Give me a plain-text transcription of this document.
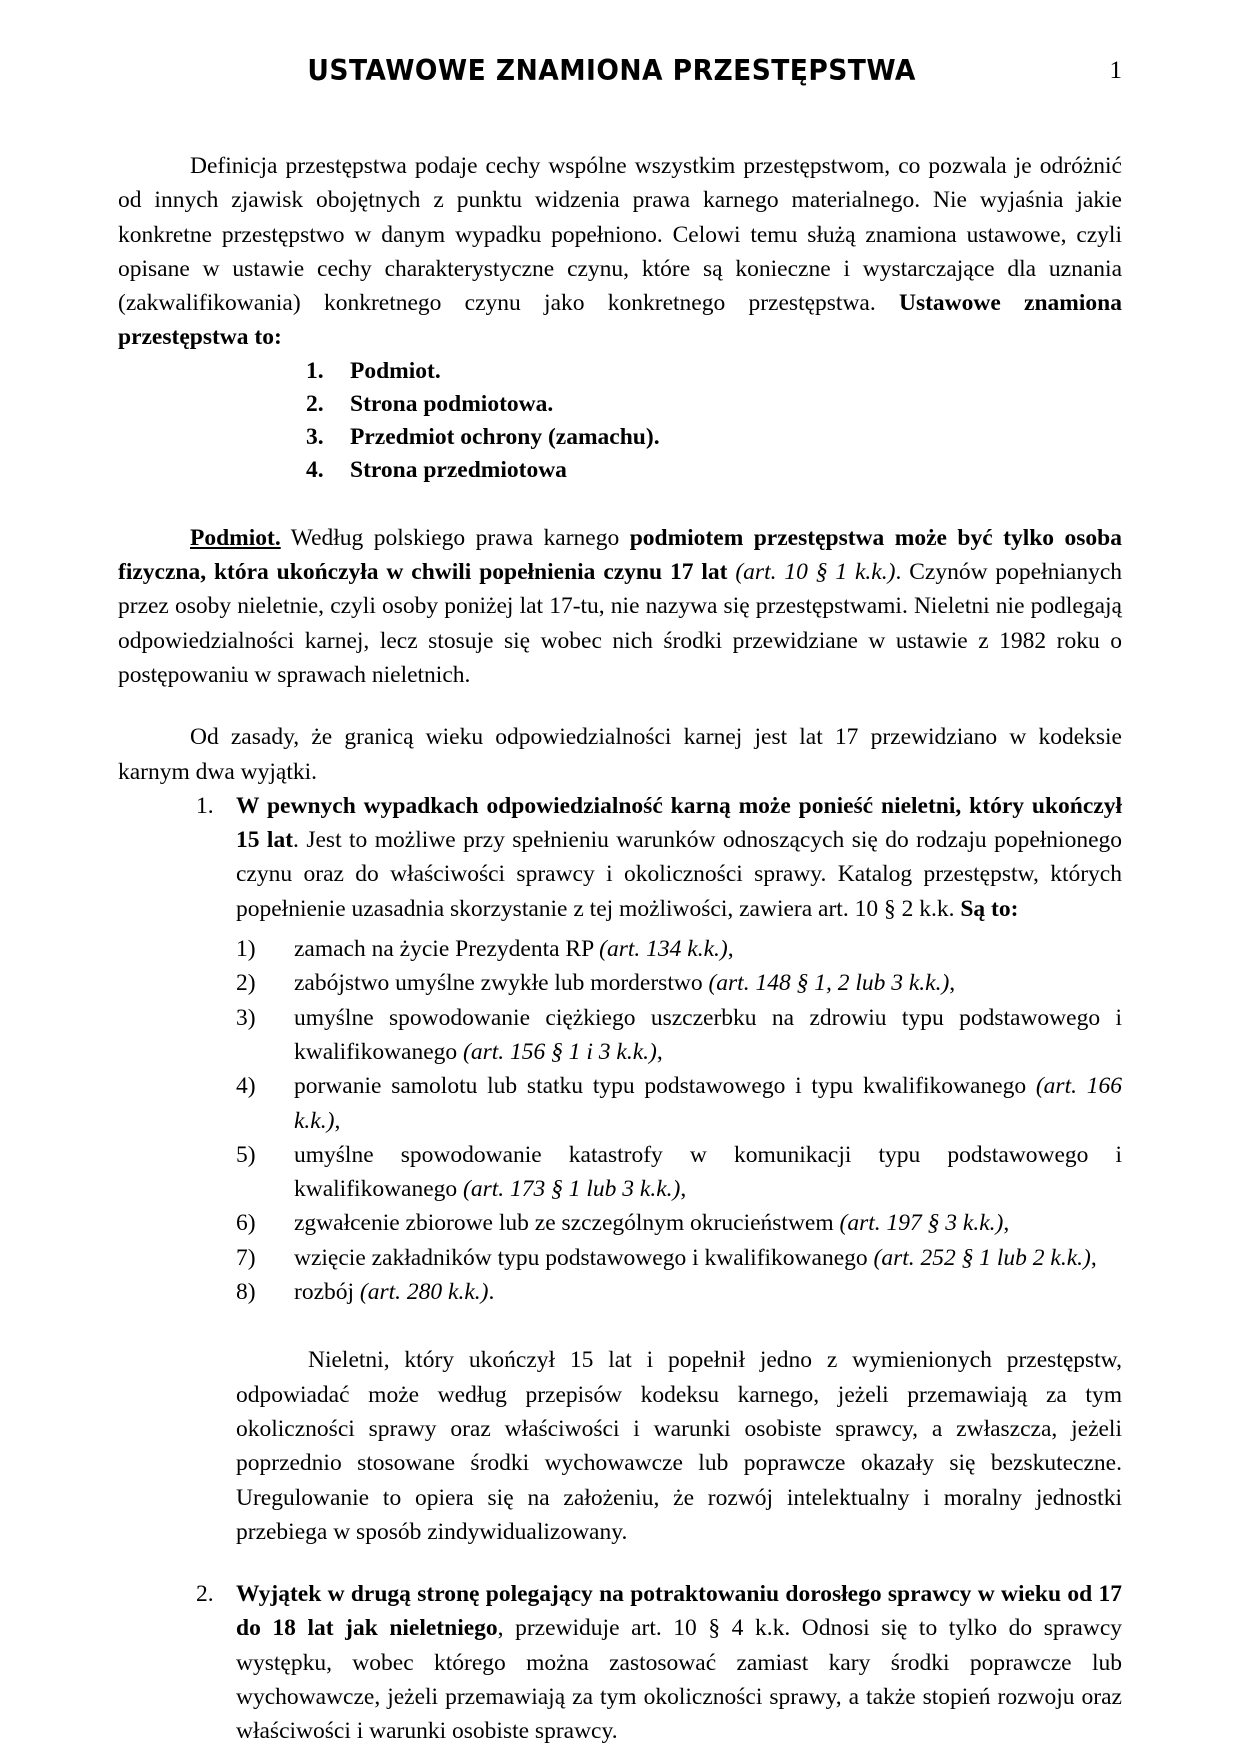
USTAWOWE ZNAMIONA PRZESTĘPSTWA	1

Definicja przestępstwa podaje cechy wspólne wszystkim przestępstwom, co pozwala je odróżnić od innych zjawisk obojętnych z punktu widzenia prawa karnego materialnego. Nie wyjaśnia jakie konkretne przestępstwo w danym wypadku popełniono. Celowi temu służą znamiona ustawowe, czyli opisane w ustawie cechy charakterystyczne czynu, które są konieczne i wystarczające dla uznania (zakwalifikowania) konkretnego czynu jako konkretnego przestępstwa. Ustawowe znamiona przestępstwa to:

1. Podmiot.
2. Strona podmiotowa.
3. Przedmiot ochrony (zamachu).
4. Strona przedmiotowa

Podmiot. Według polskiego prawa karnego podmiotem przestępstwa może być tylko osoba fizyczna, która ukończyła w chwili popełnienia czynu 17 lat (art. 10 § 1 k.k.). Czynów popełnianych przez osoby nieletnie, czyli osoby poniżej lat 17-tu, nie nazywa się przestępstwami. Nieletni nie podlegają odpowiedzialności karnej, lecz stosuje się wobec nich środki przewidziane w ustawie z 1982 roku o postępowaniu w sprawach nieletnich.

Od zasady, że granicą wieku odpowiedzialności karnej jest lat 17 przewidziano w kodeksie karnym dwa wyjątki.

1. W pewnych wypadkach odpowiedzialność karną może ponieść nieletni, który ukończył 15 lat. Jest to możliwe przy spełnieniu warunków odnoszących się do rodzaju popełnionego czynu oraz do właściwości sprawcy i okoliczności sprawy. Katalog przestępstw, których popełnienie uzasadnia skorzystanie z tej możliwości, zawiera art. 10 § 2 k.k. Są to:
1) zamach na życie Prezydenta RP (art. 134 k.k.),
2) zabójstwo umyślne zwykłe lub morderstwo (art. 148 § 1, 2 lub 3 k.k.),
3) umyślne spowodowanie ciężkiego uszczerbku na zdrowiu typu podstawowego i kwalifikowanego (art. 156 § 1 i 3 k.k.),
4) porwanie samolotu lub statku typu podstawowego i typu kwalifikowanego (art. 166 k.k.),
5) umyślne spowodowanie katastrofy w komunikacji typu podstawowego i kwalifikowanego (art. 173 § 1 lub 3 k.k.),
6) zgwałcenie zbiorowe lub ze szczególnym okrucieństwem (art. 197 § 3 k.k.),
7) wzięcie zakładników typu podstawowego i kwalifikowanego (art. 252 § 1 lub 2 k.k.),
8) rozbój (art. 280 k.k.).

Nieletni, który ukończył 15 lat i popełnił jedno z wymienionych przestępstw, odpowiadać może według przepisów kodeksu karnego, jeżeli przemawiają za tym okoliczności sprawy oraz właściwości i warunki osobiste sprawcy, a zwłaszcza, jeżeli poprzednio stosowane środki wychowawcze lub poprawcze okazały się bezskuteczne. Uregulowanie to opiera się na założeniu, że rozwój intelektualny i moralny jednostki przebiega w sposób zindywidualizowany.

2. Wyjątek w drugą stronę polegający na potraktowaniu dorosłego sprawcy w wieku od 17 do 18 lat jak nieletniego, przewiduje art. 10 § 4 k.k. Odnosi się to tylko do sprawcy występku, wobec którego można zastosować zamiast kary środki poprawcze lub wychowawcze, jeżeli przemawiają za tym okoliczności sprawy, a także stopień rozwoju oraz właściwości i warunki osobiste sprawcy.
